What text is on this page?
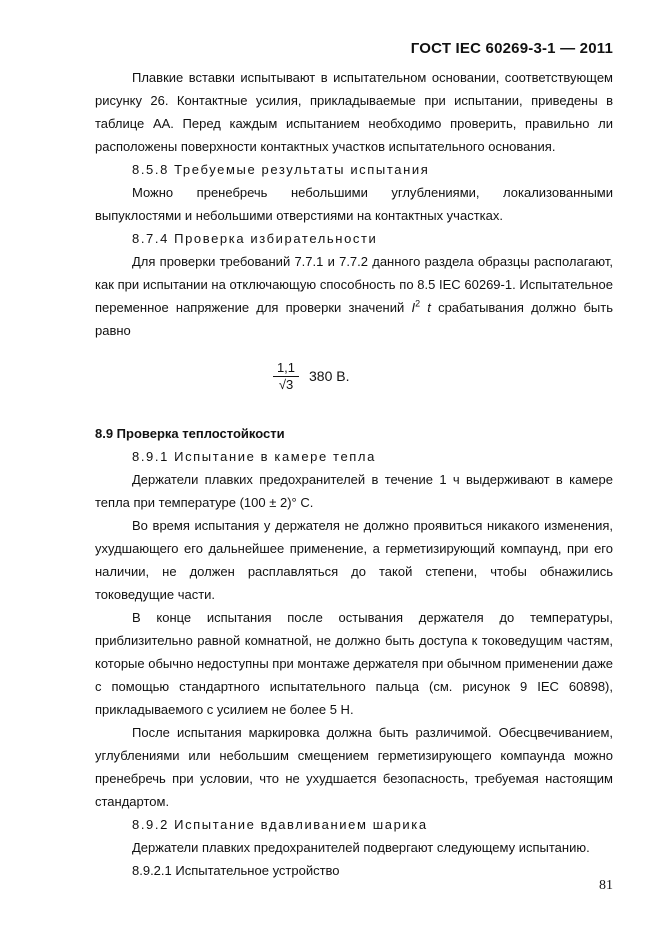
ГОСТ IEC 60269-3-1 — 2011

Плавкие вставки испытывают в испытательном основании, соответствующем рисунку 26. Контактные усилия, прикладываемые при испытании, приведены в таблице АА. Перед каждым испытанием необходимо проверить, правильно ли расположены поверхности контактных участков испытательного основания.

8.5.8 Требуемые результаты испытания

Можно пренебречь небольшими углублениями, локализованными выпуклостями и небольшими отверстиями на контактных участках.

8.7.4 Проверка избирательности

Для проверки требований 7.7.1 и 7.7.2 данного раздела образцы располагают, как при испытании на отключающую способность по 8.5 IEC 60269-1. Испытательное переменное напряжение для проверки значений $I^2$ t срабатывания должно быть равно

$\frac{1,1}{√3} 380$ В.

8.9 Проверка теплостойкости

8.9.1 Испытание в камере тепла

Держатели плавких предохранителей в течение 1 ч выдерживают в камере тепла при температуре (100 ± 2)° С.

Во время испытания у держателя не должно проявиться никакого изменения, ухудшающего его дальнейшее применение, а герметизирующий компаунд, при его наличии, не должен расплавляться до такой степени, чтобы обнажились токоведущие части.

В конце испытания после остывания держателя до температуры, приблизительно равной комнатной, не должно быть доступа к токоведущим частям, которые обычно недоступны при монтаже держателя при обычном применении даже с помощью стандартного испытательного пальца (см. рисунок 9 IEC 60898), прикладываемого с усилием не более 5 Н.

После испытания маркировка должна быть различимой. Обесцвечиванием, углублениями или небольшим смещением герметизирующего компаунда можно пренебречь при условии, что не ухудшается безопасность, требуемая настоящим стандартом.

8.9.2 Испытание вдавливанием шарика

Держатели плавких предохранителей подвергают следующему испытанию.

8.9.2.1 Испытательное устройство

81
